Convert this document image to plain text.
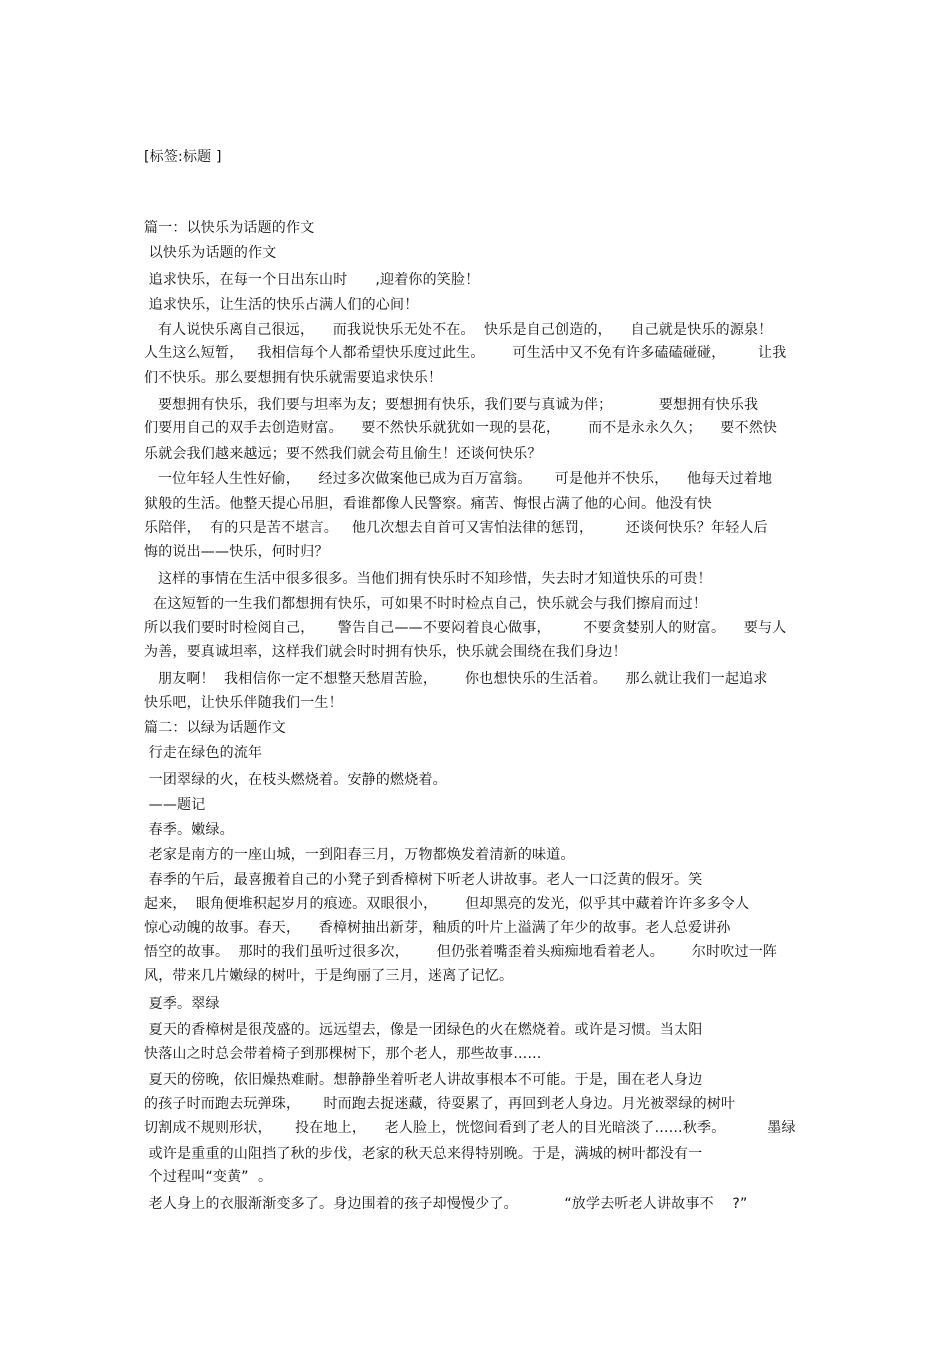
[标签:标题 ]
篇一：以快乐为话题的作文
以快乐为话题的作文
追求快乐，在每一个日出东山时      ,迎着你的笑脸！
追求快乐，让生活的快乐占满人们的心间！
有人说快乐离自己很远，    而我说快乐无处不在。  快乐是自己创造的，    自己就是快乐的源泉！
人生这么短暂，   我相信每个人都希望快乐度过此生。      可生活中又不免有许多磕磕碰碰，       让我
们不快乐。那么要想拥有快乐就需要追求快乐！
要想拥有快乐，我们要与坦率为友；要想拥有快乐，我们要与真诚为伴；          要想拥有快乐我
们要用自己的双手去创造财富。    要不然快乐就犹如一现的昙花，      而不是永永久久；    要不然快
乐就会我们越来越远；要不然我们就会苟且偷生！还谈何快乐？
一位年轻人生性好偷，    经过多次做案他已成为百万富翁。     可是他并不快乐，    他每天过着地
狱般的生活。他整天提心吊胆，看谁都像人民警察。痛苦、悔恨占满了他的心间。他没有快
乐陪伴，  有的只是苦不堪言。   他几次想去自首可又害怕法律的惩罚，       还谈何快乐？年轻人后
悔的说出——快乐，何时归？
这样的事情在生活中很多很多。当他们拥有快乐时不知珍惜，失去时才知道快乐的可贵！
在这短暂的一生我们都想拥有快乐，可如果不时时检点自己，快乐就会与我们擦肩而过！
所以我们要时时检阅自己，     警告自己——不要闷着良心做事，       不要贪婪别人的财富。    要与人
为善，要真诚坦率，这样我们就会时时拥有快乐，快乐就会围绕在我们身边！
朋友啊！  我相信你一定不想整天愁眉苦脸，      你也想快乐的生活着。    那么就让我们一起追求
快乐吧，让快乐伴随我们一生！
篇二：以绿为话题作文
行走在绿色的流年
一团翠绿的火，在枝头燃烧着。安静的燃烧着。
——题记
春季。嫩绿。
老家是南方的一座山城，一到阳春三月，万物都焕发着清新的味道。
春季的午后，最喜搬着自己的小凳子到香樟树下听老人讲故事。老人一口泛黄的假牙。笑
起来，  眼角便堆积起岁月的痕迹。双眼很小，      但却黑亮的发光，似乎其中藏着许许多多令人
惊心动魄的故事。春天，    香樟树抽出新芽，釉质的叶片上溢满了年少的故事。老人总爱讲孙
悟空的故事。  那时的我们虽听过很多次，      但仍张着嘴歪着头痴痴地看着老人。      尔时吹过一阵
风，带来几片嫩绿的树叶，于是绚丽了三月，迷离了记忆。
夏季。翠绿
夏天的香樟树是很茂盛的。远远望去，像是一团绿色的火在燃烧着。或许是习惯。当太阳
快落山之时总会带着椅子到那棵树下，那个老人，那些故事……
夏天的傍晚，依旧燥热难耐。想静静坐着听老人讲故事根本不可能。于是，围在老人身边
的孩子时而跑去玩弹珠，     时而跑去捉迷藏，待耍累了，再回到老人身边。月光被翠绿的树叶
切割成不规则形状，     投在地上，    老人脸上，恍惚间看到了老人的目光暗淡了……秋季。         墨绿
或许是重重的山阻挡了秋的步伐，老家的秋天总来得特别晚。于是，满城的树叶都没有一
个过程叫“变黄”  。
老人身上的衣服渐渐变多了。身边围着的孩子却慢慢少了。          “放学去听老人讲故事不    ?”
